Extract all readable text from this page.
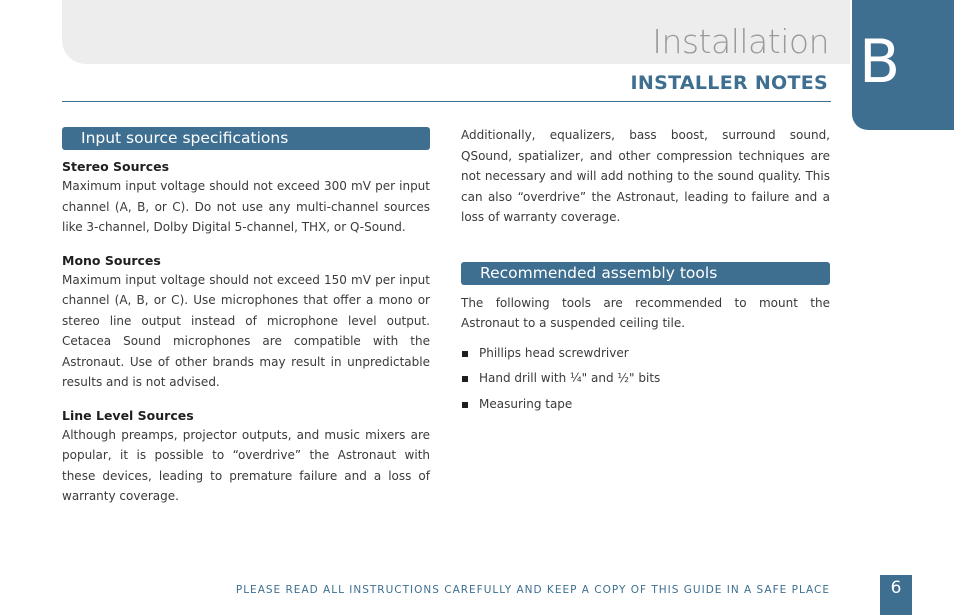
Installation
INSTALLER NOTES B
Input source specifications
Stereo Sources

Maximum input voltage should not exceed 300 mV per input channel (A, B, or C). Do not use any multi-channel sources like 3-channel, Dolby Digital 5-channel, THX, or Q-Sound.

Mono Sources

Maximum input voltage should not exceed 150 mV per input channel (A, B, or C). Use microphones that offer a mono or stereo line output instead of microphone level output. Cetacea Sound microphones are compatible with the Astronaut. Use of other brands may result in unpredictable results and is not advised.

Line Level Sources

Although preamps, projector outputs, and music mixers are popular, it is possible to “overdrive” the Astronaut with these devices, leading to premature failure and a loss of warranty coverage.

Additionally, equalizers, bass boost, surround sound, QSound, spatializer, and other compression techniques are not necessary and will add nothing to the sound quality. This can also “overdrive” the Astronaut, leading to failure and a loss of warranty coverage.

Recommended assembly tools

The following tools are recommended to mount the Astronaut to a suspended ceiling tile.

Phillips head screwdriver
Hand drill with ¼" and ½" bits
Measuring tape
PLEASE READ ALL INSTRUCTIONS CAREFULLY AND KEEP A COPY OF THIS GUIDE IN A SAFE PLACE	6
